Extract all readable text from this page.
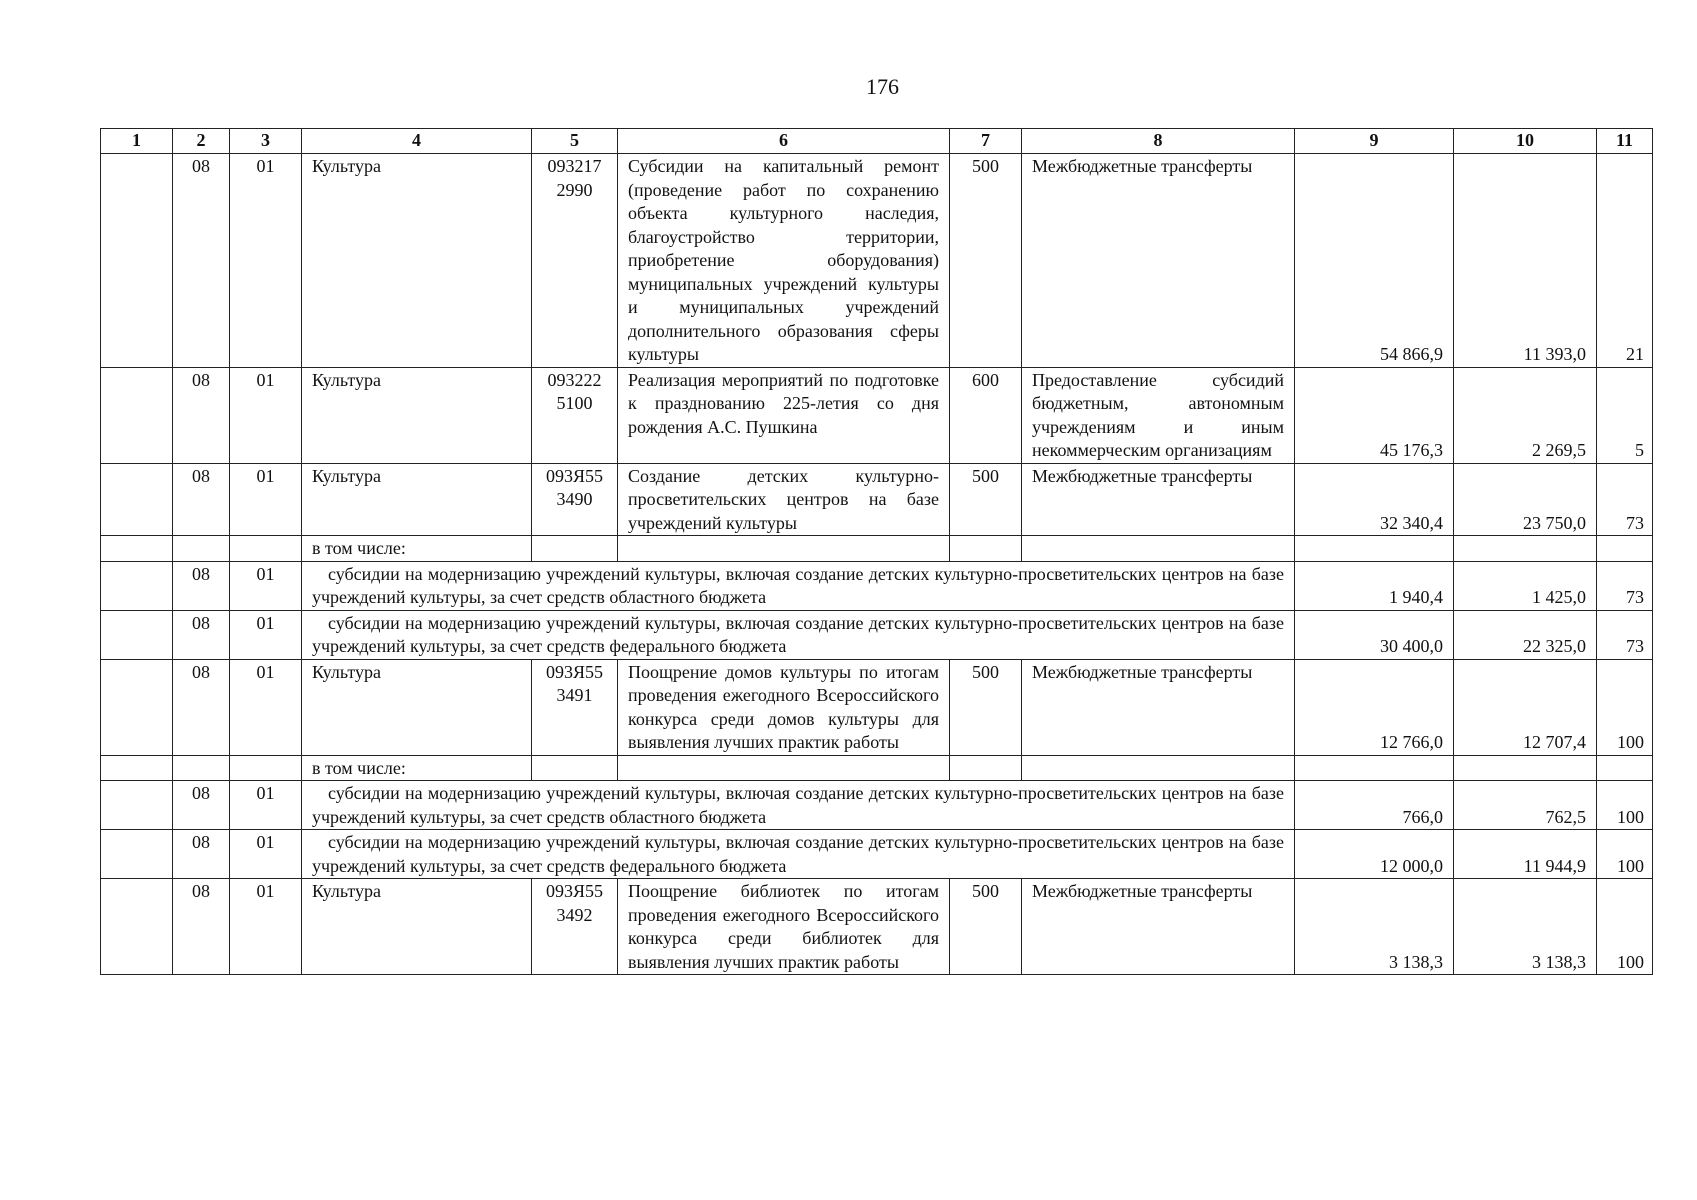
176
1	2	3	4	5	6	7	8	9	10	11
	08	01	Культура	093217 2990	Субсидии на капитальный ремонт (проведение работ по сохранению объекта культурного наследия, благоустройство территории, приобретение оборудования) муниципальных учреждений культуры и муниципальных учреждений дополнительного образования сферы культуры	500	Межбюджетные трансферты	54 866,9	11 393,0	21
	08	01	Культура	093222 5100	Реализация мероприятий по подготовке к празднованию 225-летия со дня рождения А.С. Пушкина	600	Предоставление субсидий бюджетным, автономным учреждениям и иным некоммерческим организациям	45 176,3	2 269,5	5
	08	01	Культура	093Я55 3490	Создание детских культурно-просветительских центров на базе учреждений культуры	500	Межбюджетные трансферты	32 340,4	23 750,0	73
			в том числе:							
	08	01	субсидии на модернизацию учреждений культуры, включая создание детских культурно-просветительских центров на базе учреждений культуры, за счет средств областного бюджета					1 940,4	1 425,0	73
	08	01	субсидии на модернизацию учреждений культуры, включая создание детских культурно-просветительских центров на базе учреждений культуры, за счет средств федерального бюджета					30 400,0	22 325,0	73
	08	01	Культура	093Я55 3491	Поощрение домов культуры по итогам проведения ежегодного Всероссийского конкурса среди домов культуры для выявления лучших практик работы	500	Межбюджетные трансферты	12 766,0	12 707,4	100
			в том числе:							
	08	01	субсидии на модернизацию учреждений культуры, включая создание детских культурно-просветительских центров на базе учреждений культуры, за счет средств областного бюджета					766,0	762,5	100
	08	01	субсидии на модернизацию учреждений культуры, включая создание детских культурно-просветительских центров на базе учреждений культуры, за счет средств федерального бюджета					12 000,0	11 944,9	100
	08	01	Культура	093Я55 3492	Поощрение библиотек по итогам проведения ежегодного Всероссийского конкурса среди библиотек для выявления лучших практик работы	500	Межбюджетные трансферты	3 138,3	3 138,3	100
